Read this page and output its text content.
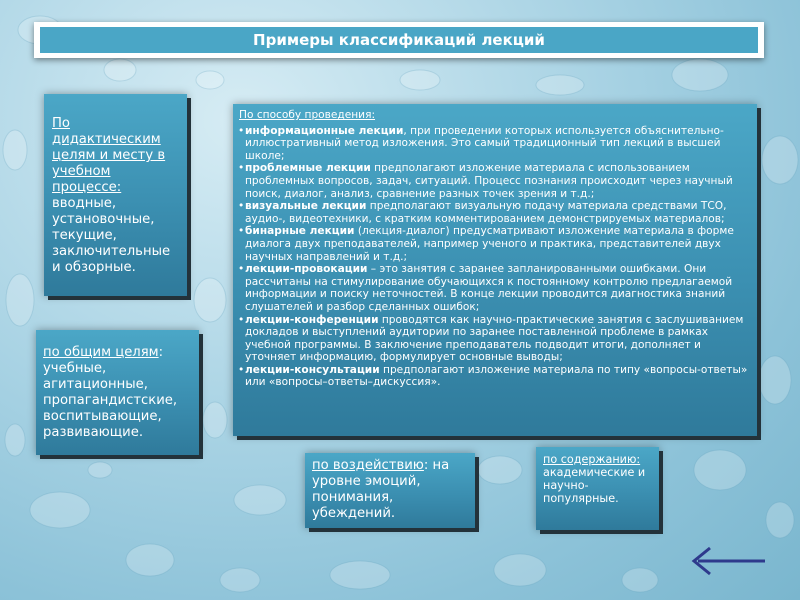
Примеры классификаций лекций
По дидактическим целям и месту в учебном процессе: вводные, установочные, текущие, заключительные и обзорные.
по общим целям: учебные, агитационные, пропагандистские, воспитывающие, развивающие.
по воздействию: на уровне эмоций, понимания, убеждений.
по содержанию: академические и научно-популярные.
По способу проведения:
• информационные лекции, при проведении которых используется объяснительно-иллюстративный метод изложения. Это самый традиционный тип лекций в высшей школе;
• проблемные лекции предполагают изложение материала с использованием проблемных вопросов, задач, ситуаций. Процесс познания происходит через научный поиск, диалог, анализ, сравнение разных точек зрения и т.д.;
• визуальные лекции предполагают визуальную подачу материала средствами ТСО, аудио-, видеотехники, с кратким комментированием демонстрируемых материалов;
• бинарные лекции (лекция-диалог) предусматривают изложение материала в форме диалога двух преподавателей, например ученого и практика, представителей двух научных направлений и т.д.;
• лекции-провокации – это занятия с заранее запланированными ошибками. Они рассчитаны на стимулирование обучающихся к постоянному контролю предлагаемой информации и поиску неточностей. В конце лекции проводится диагностика знаний слушателей и разбор сделанных ошибок;
• лекции-конференции проводятся как научно-практические занятия с заслушиванием докладов и выступлений аудитории по заранее поставленной проблеме в рамках учебной программы. В заключение преподаватель подводит итоги, дополняет и уточняет информацию, формулирует основные выводы;
• лекции-консультации предполагают изложение материала по типу «вопросы-ответы» или «вопросы–ответы–дискуссия».
